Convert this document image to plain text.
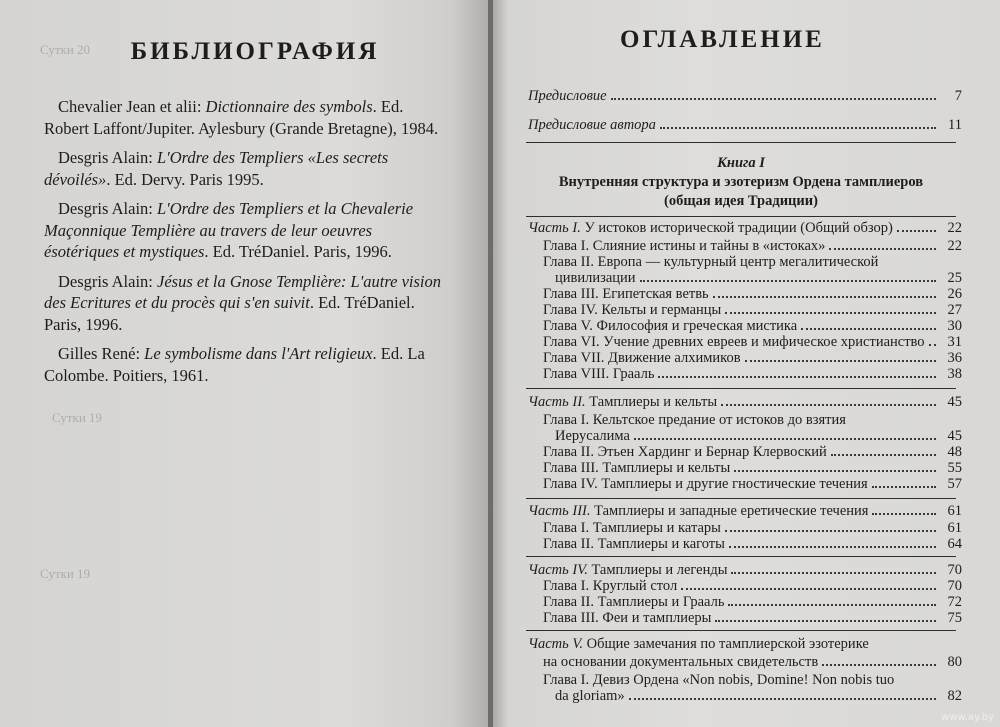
Сутки 20
Сутки 19
Сутки 19
БИБЛИОГРАФИЯ

Chevalier Jean et alii: Dictionnaire des symbols. Ed. Robert Laffont/Jupiter. Aylesbury (Grande Bretagne), 1984.

Desgris Alain: L'Ordre des Templiers «Les secrets dévoilés». Ed. Dervy. Paris 1995.

Desgris Alain: L'Ordre des Templiers et la Chevalerie Maçonnique Templière au travers de leur oeuvres ésotériques et mystiques. Ed. TréDaniel. Paris, 1996.

Desgris Alain: Jésus et la Gnose Templière: L'autre vision des Ecritures et du procès qui s'en suivit. Ed. TréDaniel. Paris, 1996.

Gilles René: Le symbolisme dans l'Art religieux. Ed. La Colombe. Poitiers, 1961.

ОГЛАВЛЕНИЕ
Предисловие	7
Предисловие автора	11
Книга I
Внутренняя структура и эзотеризм Ордена тамплиеров
(общая идея Традиции)
Часть I. У истоков исторической традиции (Общий обзор)	22
Глава I. Слияние истины и тайны в «истоках»	22
Глава II. Европа — культурный центр мегалитической
цивилизации	25
Глава III. Египетская ветвь	26
Глава IV. Кельты и германцы	27
Глава V. Философия и греческая мистика	30
Глава VI. Учение древних евреев и мифическое христианство	31
Глава VII. Движение алхимиков	36
Глава VIII. Грааль	38
Часть II. Тамплиеры и кельты	45
Глава I. Кельтское предание от истоков до взятия
Иерусалима	45
Глава II. Этьен Хардинг и Бернар Клервоский	48
Глава III. Тамплиеры и кельты	55
Глава IV. Тамплиеры и другие гностические течения	57
Часть III. Тамплиеры и западные еретические течения	61
Глава I. Тамплиеры и катары	61
Глава II. Тамплиеры и каготы	64
Часть IV. Тамплиеры и легенды	70
Глава I. Круглый стол	70
Глава II. Тамплиеры и Грааль	72
Глава III. Феи и тамплиеры	75
Часть V. Общие замечания по тамплиерской эзотерике
на основании документальных свидетельств	80
Глава I. Девиз Ордена «Non nobis, Domine! Non nobis tuo
da gloriam»	82
www.ay.by
